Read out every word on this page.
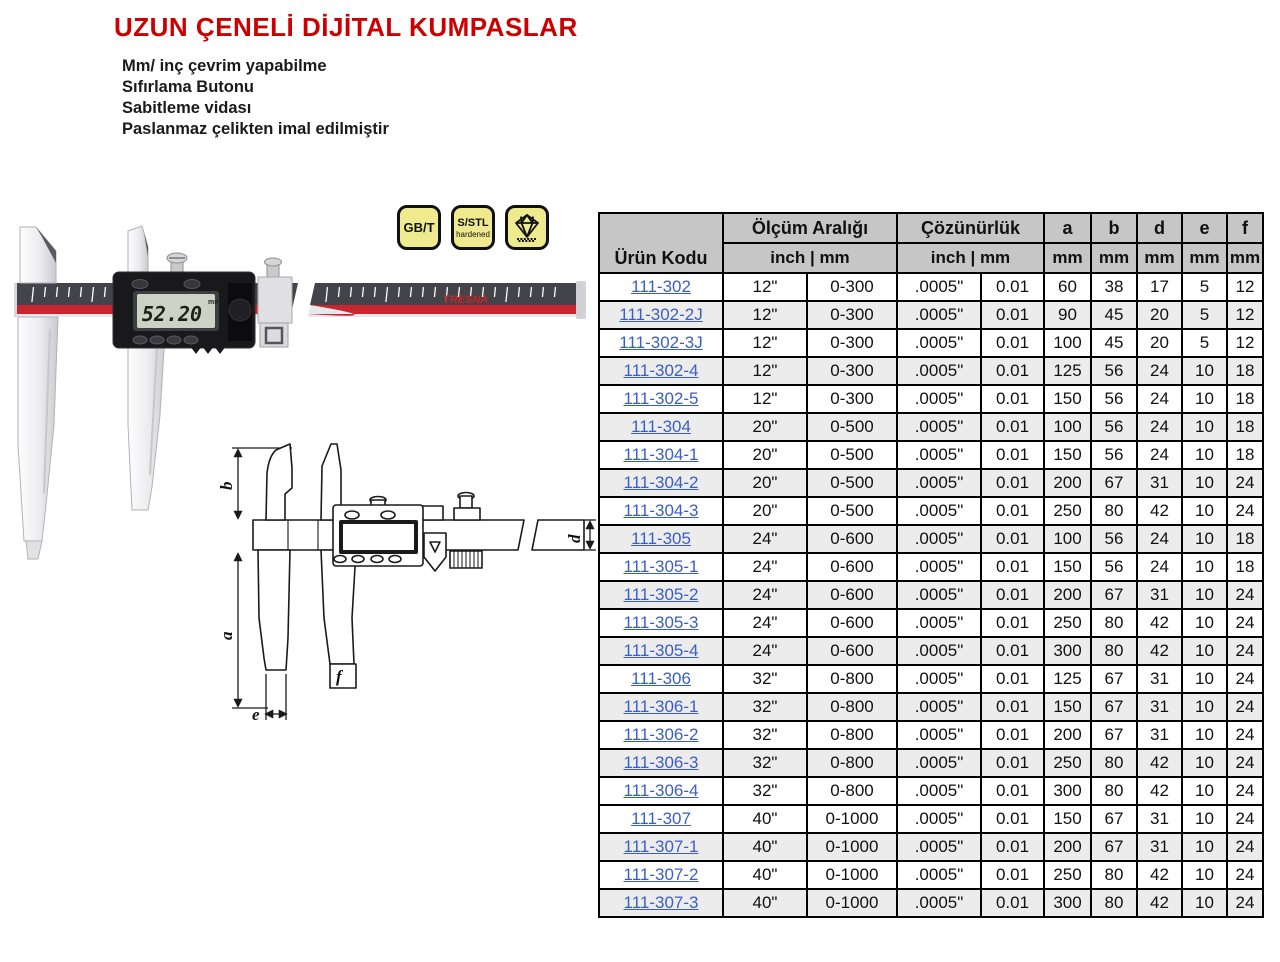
UZUN ÇENELİ DİJİTAL KUMPASLAR
Mm/ inç çevrim yapabilme
Sıfırlama Butonu
Sabitleme vidası
Paslanmaz çelikten imal edilmiştir
GB/T S/STL
hardened
TRESNA
52.20 mm
b
a
e
f
d
Ürün Kodu	Ölçüm Aralığı		Çözünürlük		a	b	d	e	f
	inch | mm		inch | mm		mm	mm	mm	mm	mm
111-302	12"	0-300	.0005"	0.01	60	38	17	5	12
111-302-2J	12"	0-300	.0005"	0.01	90	45	20	5	12
111-302-3J	12"	0-300	.0005"	0.01	100	45	20	5	12
111-302-4	12"	0-300	.0005"	0.01	125	56	24	10	18
111-302-5	12"	0-300	.0005"	0.01	150	56	24	10	18
111-304	20"	0-500	.0005"	0.01	100	56	24	10	18
111-304-1	20"	0-500	.0005"	0.01	150	56	24	10	18
111-304-2	20"	0-500	.0005"	0.01	200	67	31	10	24
111-304-3	20"	0-500	.0005"	0.01	250	80	42	10	24
111-305	24"	0-600	.0005"	0.01	100	56	24	10	18
111-305-1	24"	0-600	.0005"	0.01	150	56	24	10	18
111-305-2	24"	0-600	.0005"	0.01	200	67	31	10	24
111-305-3	24"	0-600	.0005"	0.01	250	80	42	10	24
111-305-4	24"	0-600	.0005"	0.01	300	80	42	10	24
111-306	32"	0-800	.0005"	0.01	125	67	31	10	24
111-306-1	32"	0-800	.0005"	0.01	150	67	31	10	24
111-306-2	32"	0-800	.0005"	0.01	200	67	31	10	24
111-306-3	32"	0-800	.0005"	0.01	250	80	42	10	24
111-306-4	32"	0-800	.0005"	0.01	300	80	42	10	24
111-307	40"	0-1000	.0005"	0.01	150	67	31	10	24
111-307-1	40"	0-1000	.0005"	0.01	200	67	31	10	24
111-307-2	40"	0-1000	.0005"	0.01	250	80	42	10	24
111-307-3	40"	0-1000	.0005"	0.01	300	80	42	10	24
